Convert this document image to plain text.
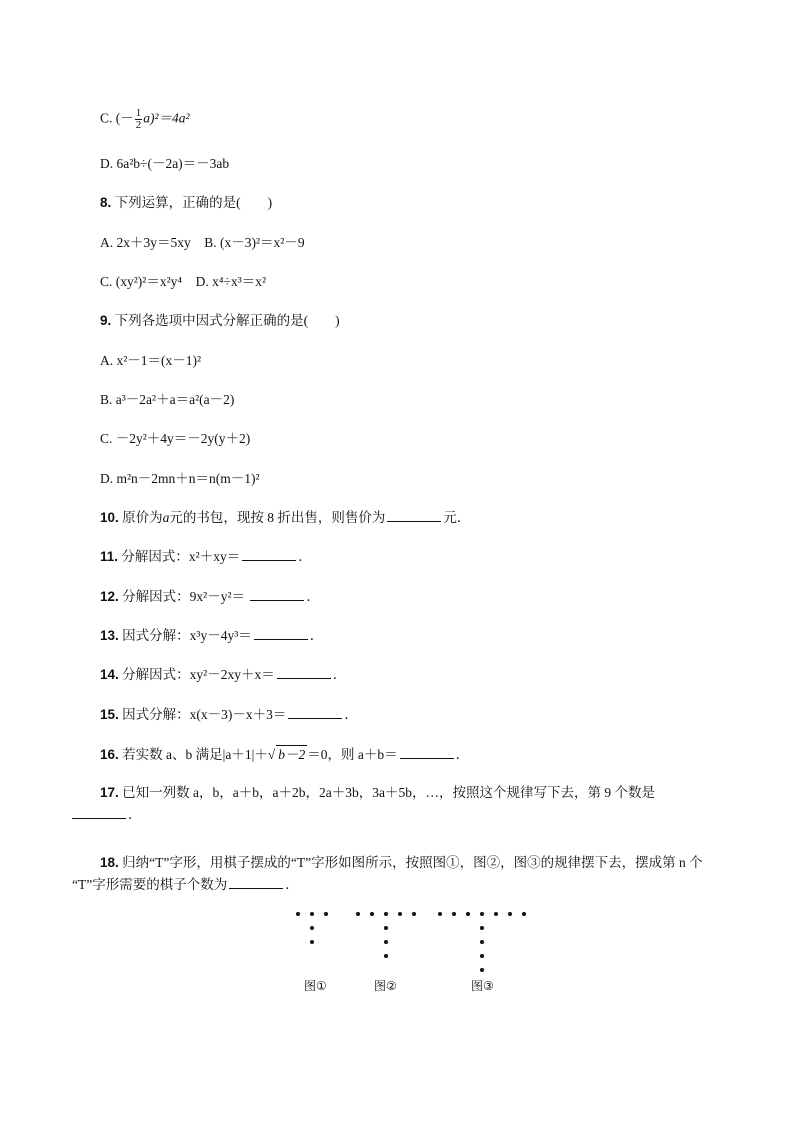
C. (－ $\frac{1}{2} a)^2=4a^2$
D. 6a²b÷(－2a)＝－3ab
8. 下列运算，正确的是(　　)
A. 2x＋3y＝5xy　B. (x－3)²＝x²－9
C. (xy²)²＝x²y⁴　D. x⁴÷x³＝x²
9. 下列各选项中因式分解正确的是(　　)
A. x²－1＝(x－1)²
B. a³－2a²＋a＝a²(a－2)
C. －2y²＋4y＝－2y(y＋2)
D. m²n－2mn＋n＝n(m－1)²
10. 原价为a元的书包，现按 8 折出售，则售价为	元．
11. 分解因式：x²＋xy＝	．
12. 分解因式：9x²－y²＝	．
13. 因式分解：x³y－4y³＝	．
14. 分解因式：xy²－2xy＋x＝	．
15. 因式分解：x(x－3)－x＋3＝	．
16. 若实数 a、b 满足|a＋1|＋√ b－2 ＝0，则 a＋b＝	．
17. 已知一列数 a，b，a＋b，a＋2b，2a＋3b，3a＋5b，…，按照这个规律写下去，第 9 个数是
．
18. 归纳“T”字形，用棋子摆成的“T”字形如图所示，按照图①，图②，图③的规律摆下去，摆成第 n 个
“T”字形需要的棋子个数为	．
图①	图②	图③
